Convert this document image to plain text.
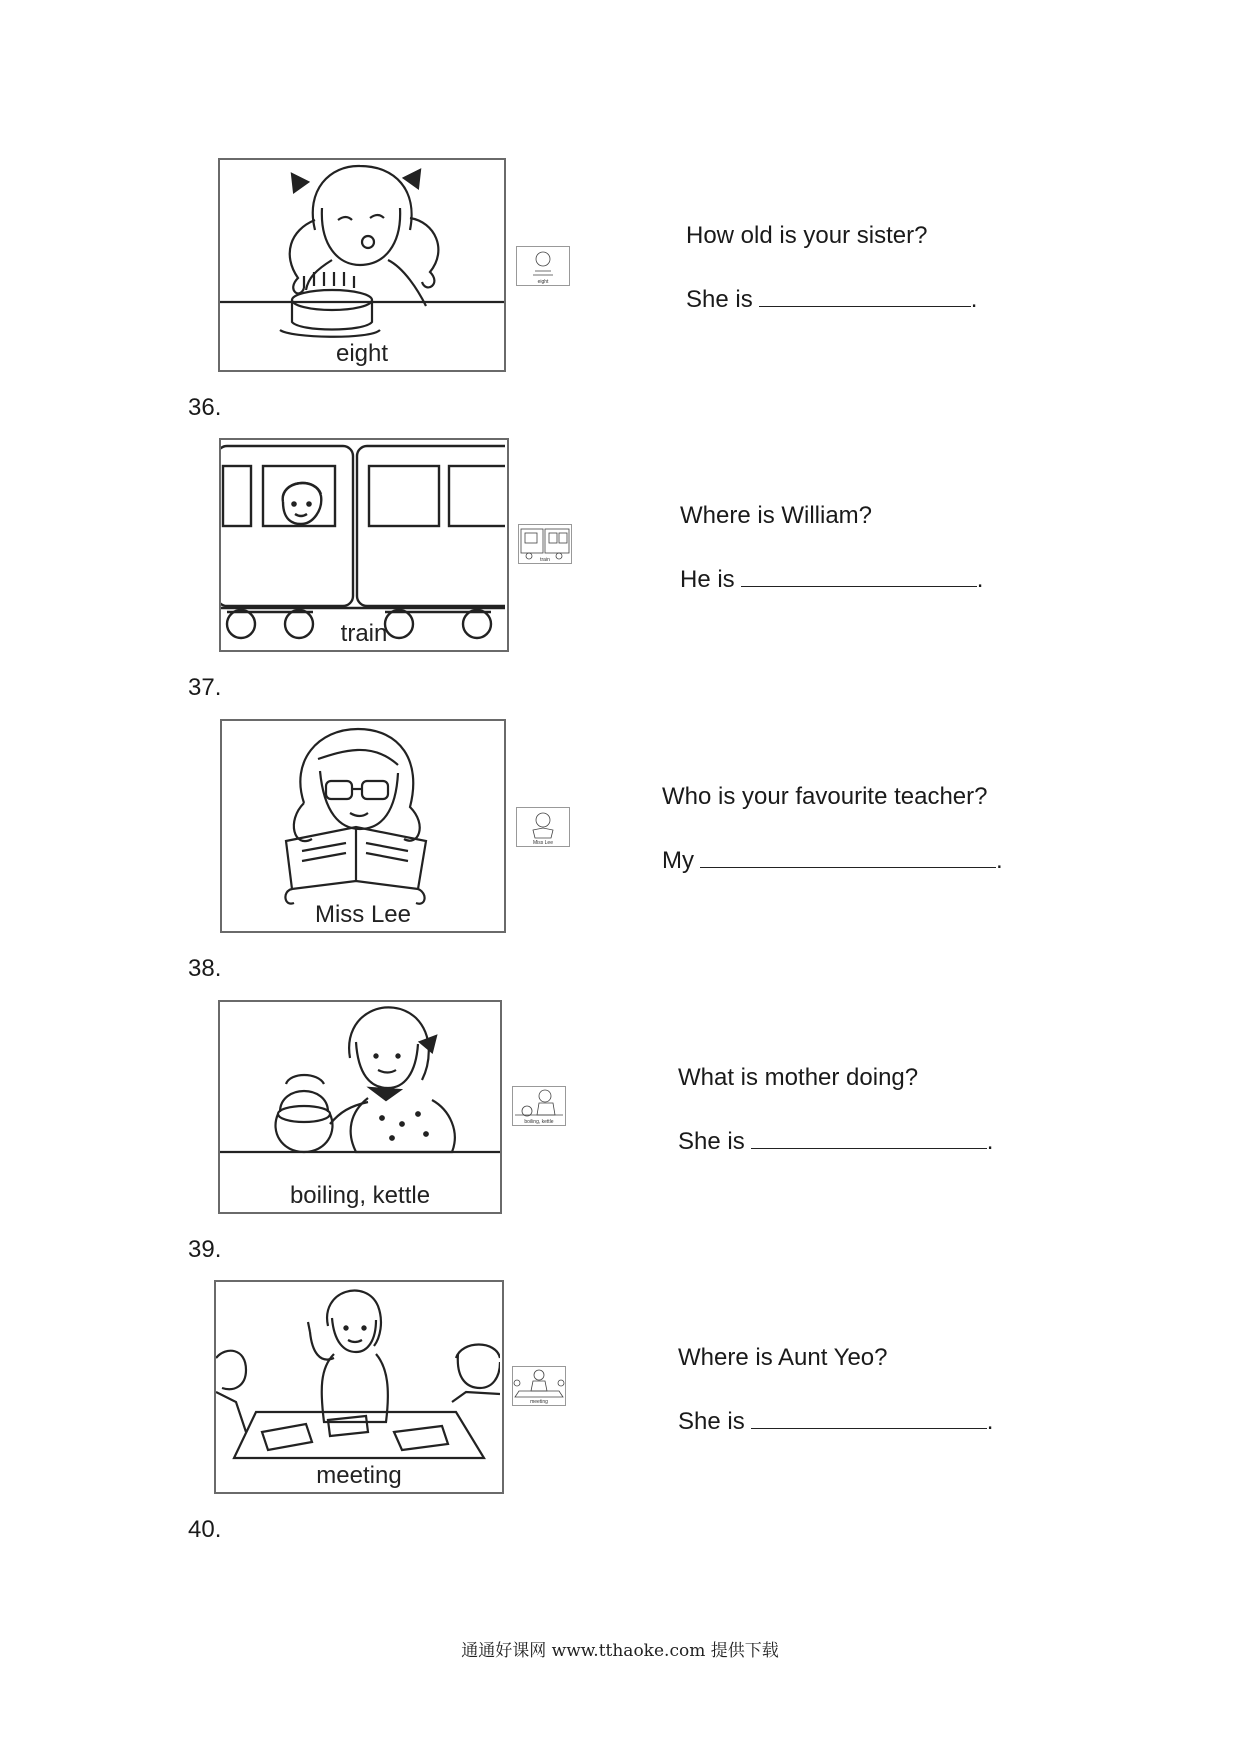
eight
eight
How old is your sister?
She is	.
36.
train
train
Where is William?
He is	.
37.
Miss Lee
Miss Lee
Who is your favourite teacher?
My	.
38.
boiling, kettle
boiling, kettle
What is mother doing?
She is	.
39.
meeting
meeting
Where is Aunt Yeo?
She is	.
40.
通通好课网 www.tthaoke.com 提供下载
